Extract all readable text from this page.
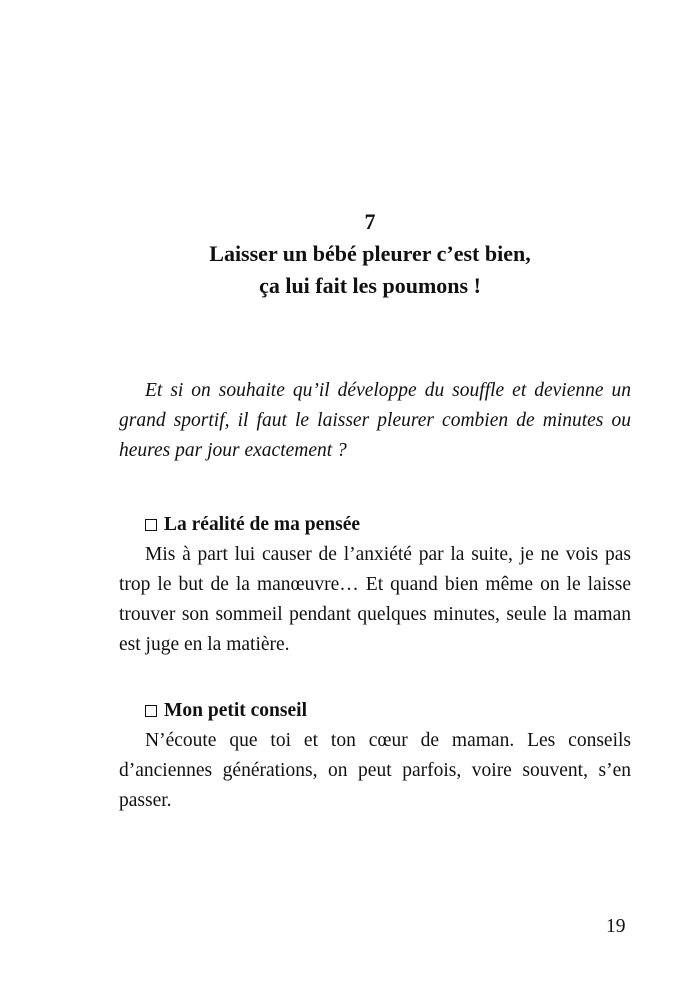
7
Laisser un bébé pleurer c’est bien,
ça lui fait les poumons !

Et si on souhaite qu’il développe du souffle et devienne un grand sportif, il faut le laisser pleurer combien de minutes ou heures par jour exactement ?

La réalité de ma pensée

Mis à part lui causer de l’anxiété par la suite, je ne vois pas trop le but de la manœuvre… Et quand bien même on le laisse trouver son sommeil pendant quelques minutes, seule la maman est juge en la matière.

Mon petit conseil

N’écoute que toi et ton cœur de maman. Les conseils d’anciennes générations, on peut parfois, voire souvent, s’en passer.

19
